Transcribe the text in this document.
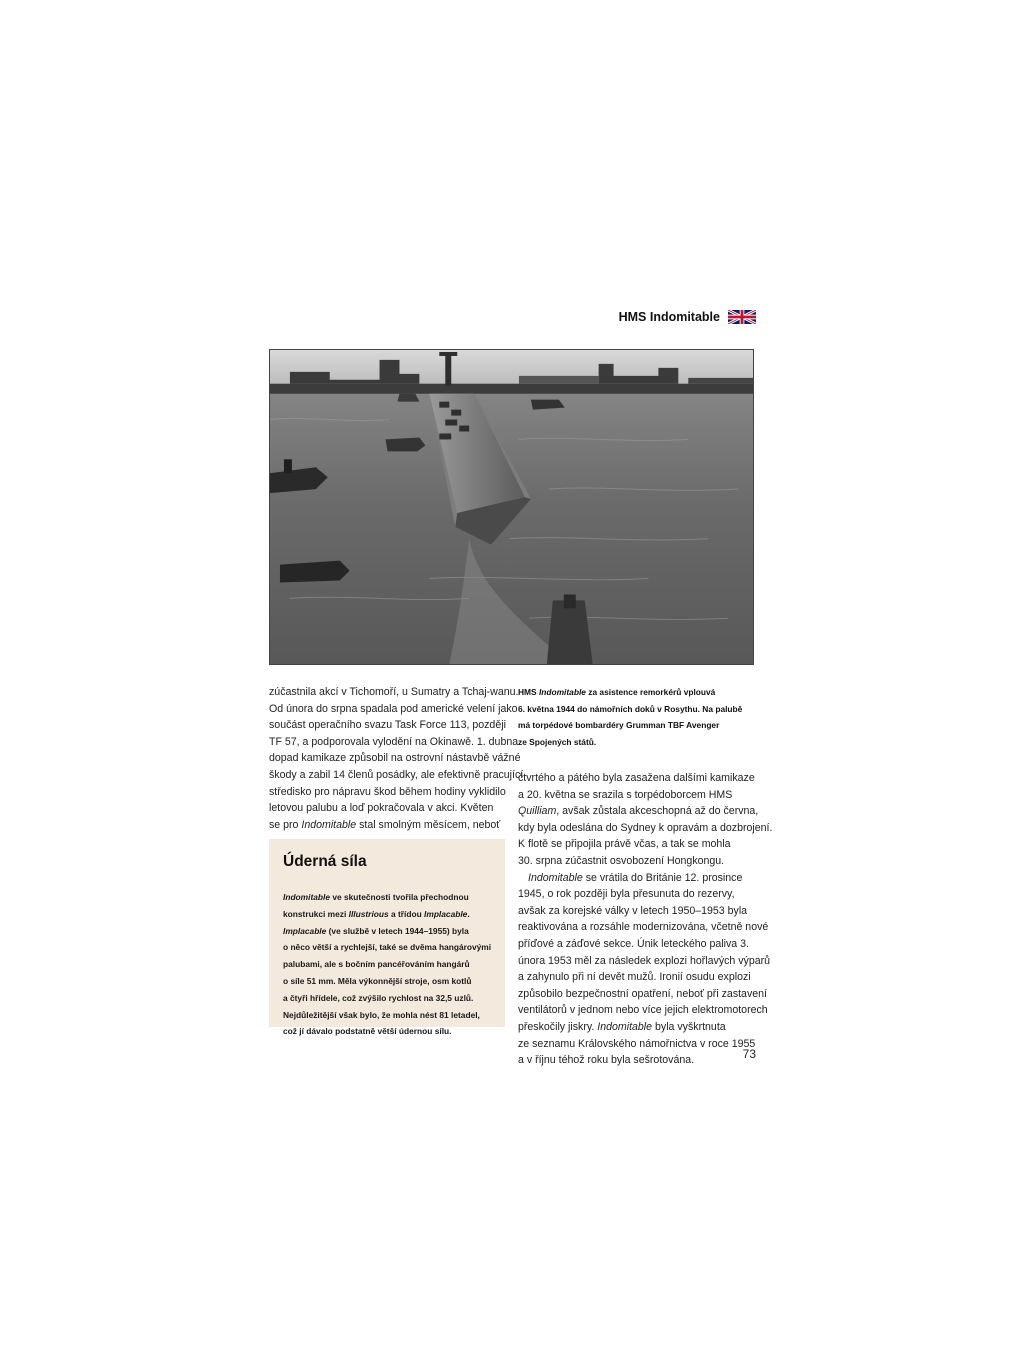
HMS Indomitable

zúčastnila akcí v Tichomoří, u Sumatry a Tchaj-wanu.
Od února do srpna spadala pod americké velení jako
součást operačního svazu Task Force 113, později
TF 57, a podporovala vylodění na Okinawě. 1. dubna
dopad kamikaze způsobil na ostrovní nástavbě vážné
škody a zabil 14 členů posádky, ale efektivně pracující
středisko pro nápravu škod během hodiny vyklidilo
letovou palubu a loď pokračovala v akci. Květen
se pro Indomitable stal smolným měsícem, neboť

HMS Indomitable za asistence remorkérů vplouvá
6. května 1944 do námořních doků v Rosythu. Na palubě
má torpédové bombardéry Grumman TBF Avenger
ze Spojených států.

čtvrtého a pátého byla zasažena dalšími kamikaze
a 20. května se srazila s torpédoborcem HMS
Quilliam, avšak zůstala akceschopná až do června,
kdy byla odeslána do Sydney k opravám a dozbrojení.
K flotě se připojila právě včas, a tak se mohla
30. srpna zúčastnit osvobození Hongkongu.

Indomitable se vrátila do Británie 12. prosince

1945, o rok později byla přesunuta do rezervy,
avšak za korejské války v letech 1950–1953 byla
reaktivována a rozsáhle modernizována, včetně nové
příďové a záďové sekce. Únik leteckého paliva 3.
února 1953 měl za následek explozi hořlavých výparů
a zahynulo při ní devět mužů. Ironií osudu explozi
způsobilo bezpečnostní opatření, neboť při zastavení
ventilátorů v jednom nebo více jejich elektromotorech
přeskočily jiskry. Indomitable byla vyškrtnuta
ze seznamu Královského námořnictva v roce 1955
a v říjnu téhož roku byla sešrotována.

Úderná síla

Indomitable ve skutečnosti tvořila přechodnou
konstrukci mezi Illustrious a třídou Implacable.
Implacable (ve službě v letech 1944–1955) byla
o něco větší a rychlejší, také se dvěma hangárovými
palubami, ale s bočním pancéřováním hangárů
o síle 51 mm. Měla výkonnější stroje, osm kotlů
a čtyři hřídele, což zvýšilo rychlost na 32,5 uzlů.
Nejdůležitější však bylo, že mohla nést 81 letadel,
což jí dávalo podstatně větší údernou sílu.

73
